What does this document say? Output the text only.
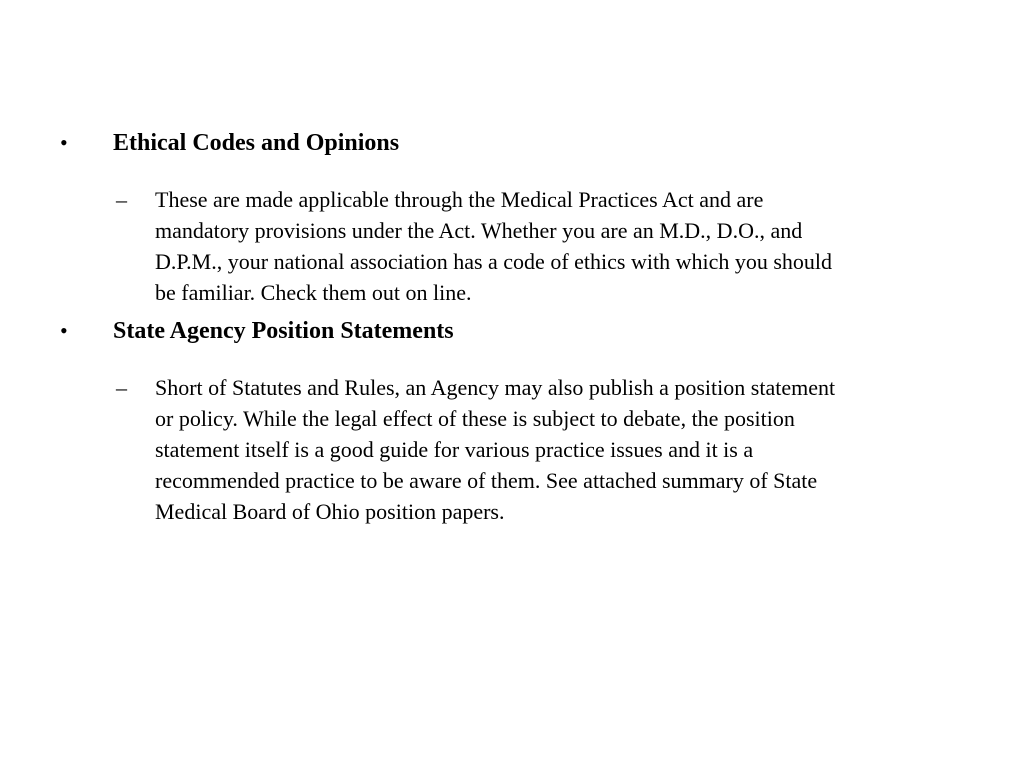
• Ethical Codes and Opinions
– These are made applicable through the Medical Practices Act and are
mandatory provisions under the Act. Whether you are an M.D., D.O., and
D.P.M., your national association has a code of ethics with which you should
be familiar. Check them out on line.
• State Agency Position Statements
– Short of Statutes and Rules, an Agency may also publish a position statement
or policy. While the legal effect of these is subject to debate, the position
statement itself is a good guide for various practice issues and it is a
recommended practice to be aware of them. See attached summary of State
Medical Board of Ohio position papers.
